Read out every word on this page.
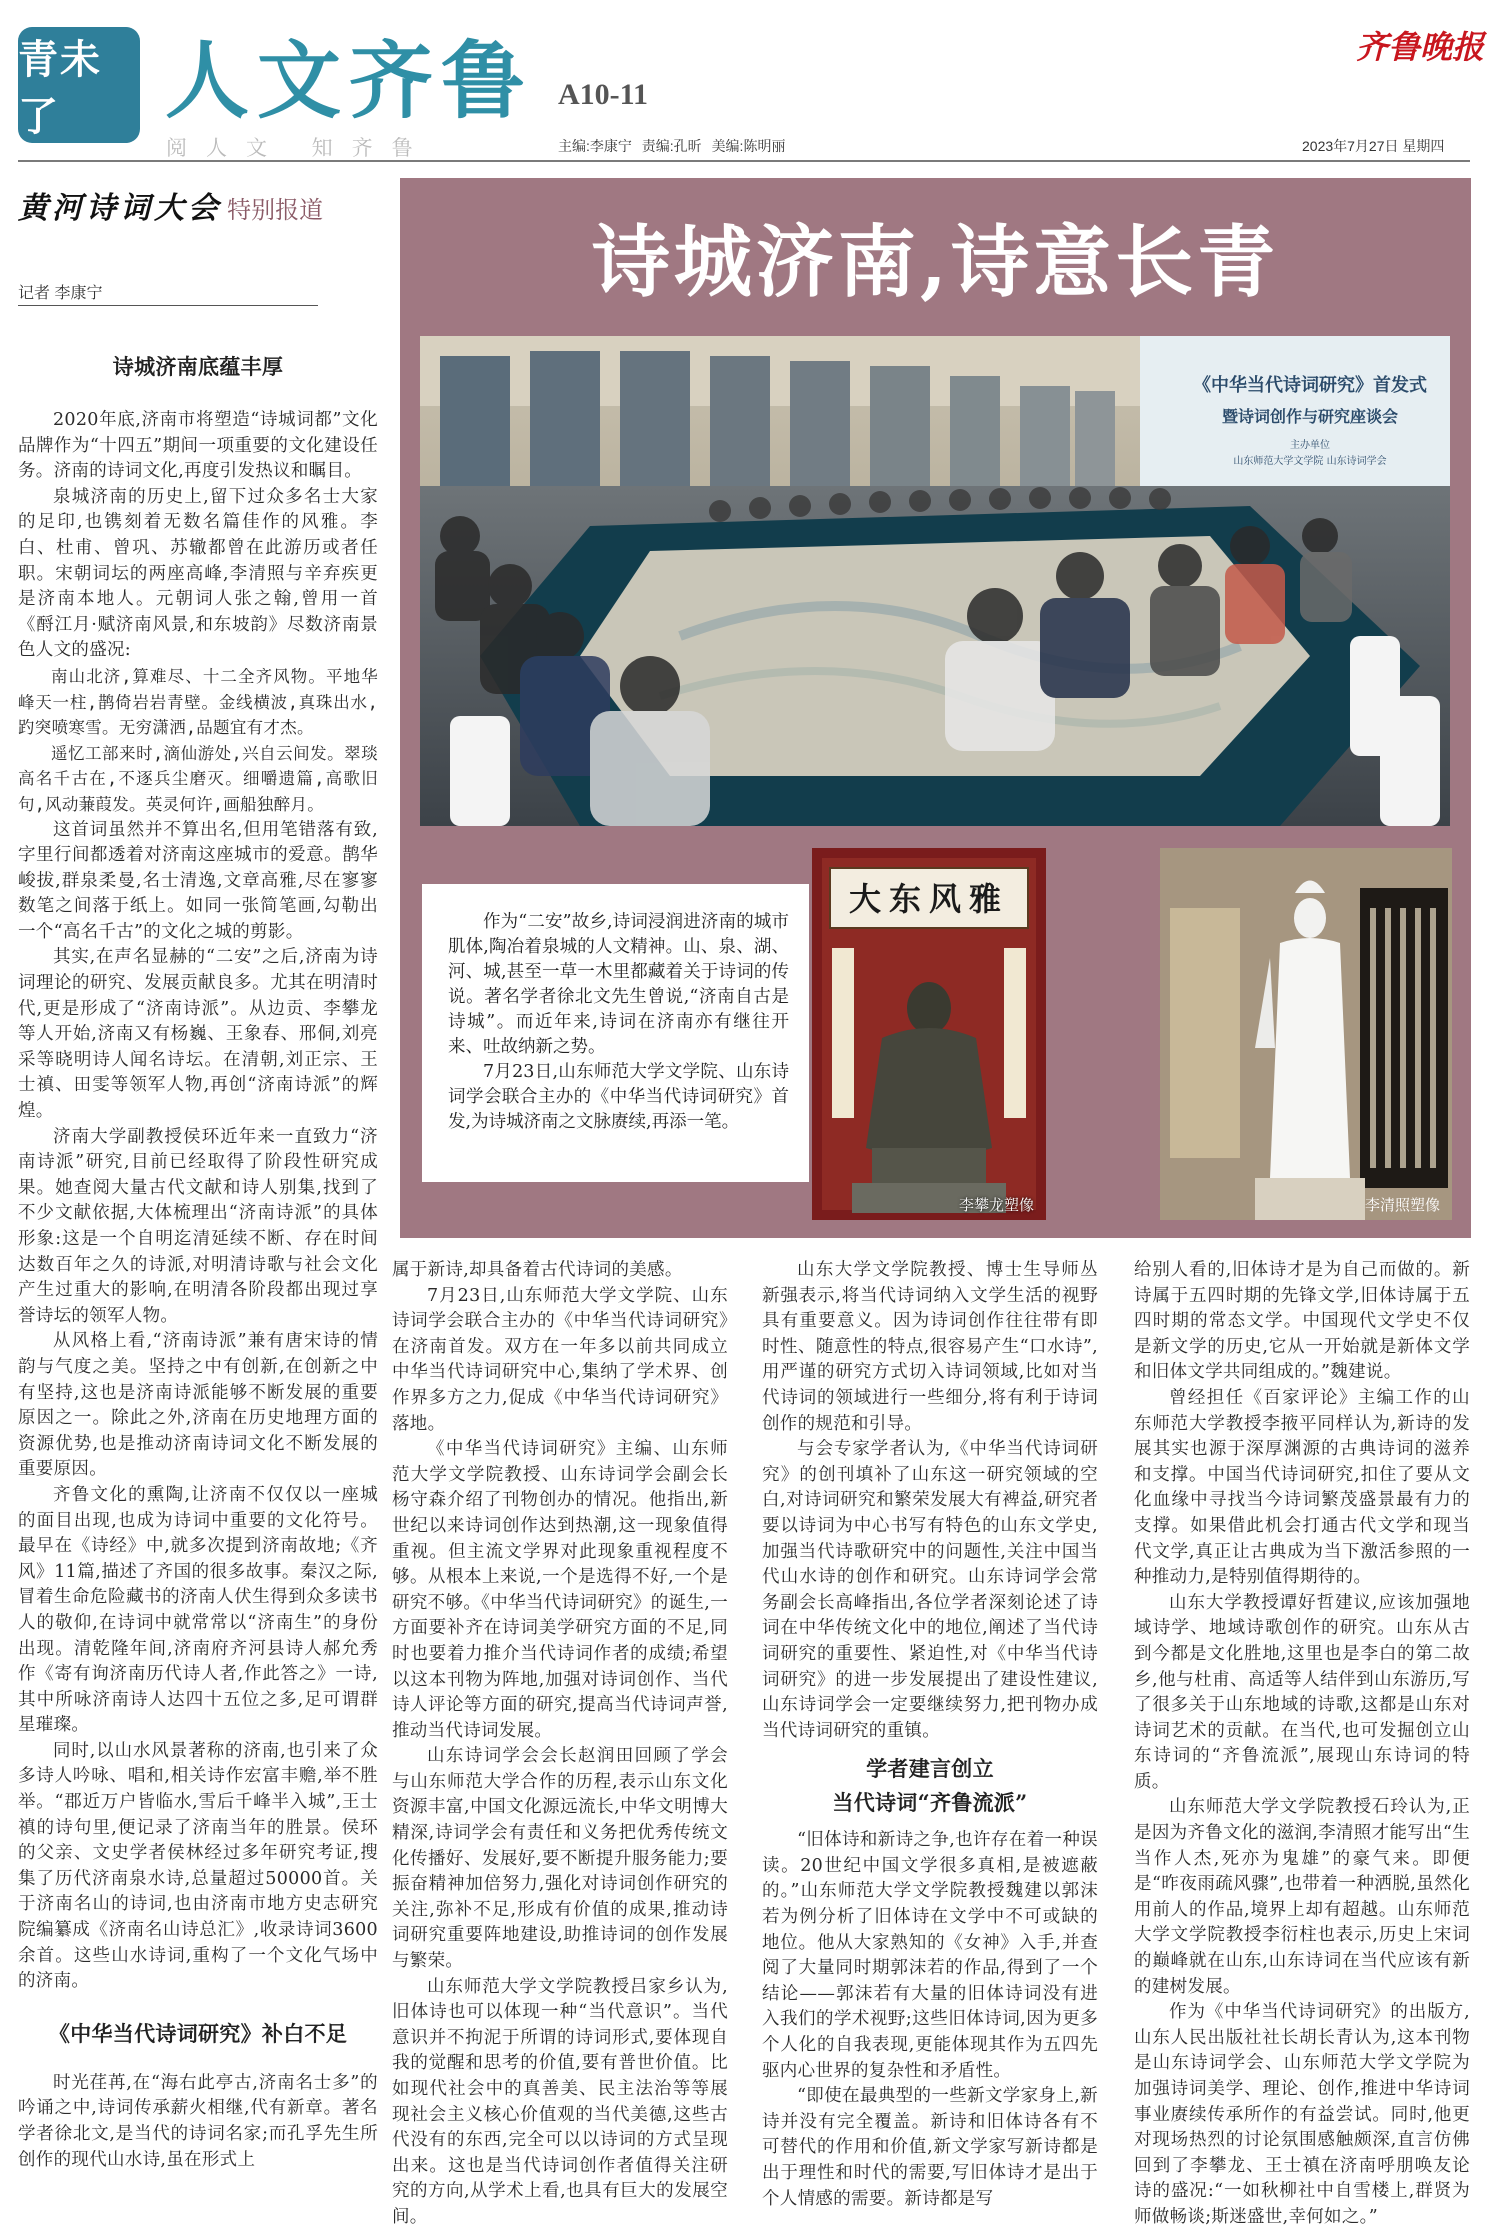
青未了	人文齐鲁 A10-11
阅人文 知齐鲁	主编:李康宁 责编:孔昕 美编:陈明丽	2023年7月27日 星期四
齐鲁晚报
黄河诗词大会 特别报道
记者 李康宁	诗城济南,诗意长青
《中华当代诗词研究》首发式
暨诗词创作与研究座谈会
主办单位
山东师范大学文学院 山东诗词学会

作为“二安”故乡,诗词浸润进济南的城市肌体,陶冶着泉城的人文精神。山、泉、湖、河、城,甚至一草一木里都藏着关于诗词的传说。著名学者徐北文先生曾说,“济南自古是诗城”。而近年来,诗词在济南亦有继往开来、吐故纳新之势。

7月23日,山东师范大学文学院、山东诗词学会联合主办的《中华当代诗词研究》首发,为诗城济南之文脉赓续,再添一笔。

大东风雅
李攀龙塑像	李清照塑像
诗城济南底蕴丰厚

2020年底,济南市将塑造“诗城词都”文化品牌作为“十四五”期间一项重要的文化建设任务。济南的诗词文化,再度引发热议和瞩目。

泉城济南的历史上,留下过众多名士大家的足印,也镌刻着无数名篇佳作的风雅。李白、杜甫、曾巩、苏辙都曾在此游历或者任职。宋朝词坛的两座高峰,李清照与辛弃疾更是济南本地人。元朝词人张之翰,曾用一首《酹江月·赋济南风景,和东坡韵》尽数济南景色人文的盛况:

南山北济,算难尽、十二全齐风物。平地华峰天一柱,鹊倚岩岩青壁。金线横波,真珠出水,趵突喷寒雪。无穷潇洒,品题宜有才杰。

遥忆工部来时,滴仙游处,兴自云间发。翠琰高名千古在,不逐兵尘磨灭。细嚼遗篇,高歌旧句,风动蒹葭发。英灵何许,画船独醉月。

这首词虽然并不算出名,但用笔错落有致,字里行间都透着对济南这座城市的爱意。鹊华峻拔,群泉柔曼,名士清逸,文章高雅,尽在寥寥数笔之间落于纸上。如同一张简笔画,勾勒出一个“高名千古”的文化之城的剪影。

其实,在声名显赫的“二安”之后,济南为诗词理论的研究、发展贡献良多。尤其在明清时代,更是形成了“济南诗派”。从边贡、李攀龙等人开始,济南又有杨巍、王象春、邢侗,刘亮采等晓明诗人闻名诗坛。在清朝,刘正宗、王士禛、田雯等领军人物,再创“济南诗派”的辉煌。

济南大学副教授侯环近年来一直致力“济南诗派”研究,目前已经取得了阶段性研究成果。她查阅大量古代文献和诗人别集,找到了不少文献依据,大体梳理出“济南诗派”的具体形象:这是一个自明迄清延续不断、存在时间达数百年之久的诗派,对明清诗歌与社会文化产生过重大的影响,在明清各阶段都出现过享誉诗坛的领军人物。

从风格上看,“济南诗派”兼有唐宋诗的情韵与气度之美。坚持之中有创新,在创新之中有坚持,这也是济南诗派能够不断发展的重要原因之一。除此之外,济南在历史地理方面的资源优势,也是推动济南诗词文化不断发展的重要原因。

齐鲁文化的熏陶,让济南不仅仅以一座城的面目出现,也成为诗词中重要的文化符号。最早在《诗经》中,就多次提到济南故地;《齐风》11篇,描述了齐国的很多故事。秦汉之际,冒着生命危险藏书的济南人伏生得到众多读书人的敬仰,在诗词中就常常以“济南生”的身份出现。清乾隆年间,济南府齐河县诗人郝允秀作《寄有询济南历代诗人者,作此答之》一诗,其中所咏济南诗人达四十五位之多,足可谓群星璀璨。

同时,以山水风景著称的济南,也引来了众多诗人吟咏、唱和,相关诗作宏富丰赡,举不胜举。“郡近万户皆临水,雪后千峰半入城”,王士禛的诗句里,便记录了济南当年的胜景。侯环的父亲、文史学者侯林经过多年研究考证,搜集了历代济南泉水诗,总量超过50000首。关于济南名山的诗词,也由济南市地方史志研究院编纂成《济南名山诗总汇》,收录诗词3600余首。这些山水诗词,重构了一个文化气场中的济南。

《中华当代诗词研究》补白不足

时光荏苒,在“海右此亭古,济南名士多”的吟诵之中,诗词传承薪火相继,代有新章。著名学者徐北文,是当代的诗词名家;而孔孚先生所创作的现代山水诗,虽在形式上

属于新诗,却具备着古代诗词的美感。

7月23日,山东师范大学文学院、山东诗词学会联合主办的《中华当代诗词研究》在济南首发。双方在一年多以前共同成立中华当代诗词研究中心,集纳了学术界、创作界多方之力,促成《中华当代诗词研究》落地。

《中华当代诗词研究》主编、山东师范大学文学院教授、山东诗词学会副会长杨守森介绍了刊物创办的情况。他指出,新世纪以来诗词创作达到热潮,这一现象值得重视。但主流文学界对此现象重视程度不够。从根本上来说,一个是选得不好,一个是研究不够。《中华当代诗词研究》的诞生,一方面要补齐在诗词美学研究方面的不足,同时也要着力推介当代诗词作者的成绩;希望以这本刊物为阵地,加强对诗词创作、当代诗人评论等方面的研究,提高当代诗词声誉,推动当代诗词发展。

山东诗词学会会长赵润田回顾了学会与山东师范大学合作的历程,表示山东文化资源丰富,中国文化源远流长,中华文明博大精深,诗词学会有责任和义务把优秀传统文化传播好、发展好,要不断提升服务能力;要振奋精神加倍努力,强化对诗词创作研究的关注,弥补不足,形成有价值的成果,推动诗词研究重要阵地建设,助推诗词的创作发展与繁荣。

山东师范大学文学院教授吕家乡认为,旧体诗也可以体现一种“当代意识”。当代意识并不拘泥于所谓的诗词形式,要体现自我的觉醒和思考的价值,要有普世价值。比如现代社会中的真善美、民主法治等等展现社会主义核心价值观的当代美德,这些古代没有的东西,完全可以以诗词的方式呈现出来。这也是当代诗词创作者值得关注研究的方向,从学术上看,也具有巨大的发展空间。

山东大学文学院教授、博士生导师丛新强表示,将当代诗词纳入文学生活的视野具有重要意义。因为诗词创作往往带有即时性、随意性的特点,很容易产生“口水诗”,用严谨的研究方式切入诗词领域,比如对当代诗词的领域进行一些细分,将有利于诗词创作的规范和引导。

与会专家学者认为,《中华当代诗词研究》的创刊填补了山东这一研究领域的空白,对诗词研究和繁荣发展大有裨益,研究者要以诗词为中心书写有特色的山东文学史,加强当代诗歌研究中的问题性,关注中国当代山水诗的创作和研究。山东诗词学会常务副会长高峰指出,各位学者深刻论述了诗词在中华传统文化中的地位,阐述了当代诗词研究的重要性、紧迫性,对《中华当代诗词研究》的进一步发展提出了建设性建议,山东诗词学会一定要继续努力,把刊物办成当代诗词研究的重镇。

学者建言创立
当代诗词“齐鲁流派”

“旧体诗和新诗之争,也许存在着一种误读。20世纪中国文学很多真相,是被遮蔽的。”山东师范大学文学院教授魏建以郭沫若为例分析了旧体诗在文学中不可或缺的地位。他从大家熟知的《女神》入手,并查阅了大量同时期郭沫若的作品,得到了一个结论——郭沫若有大量的旧体诗词没有进入我们的学术视野;这些旧体诗词,因为更多个人化的自我表现,更能体现其作为五四先驱内心世界的复杂性和矛盾性。

“即使在最典型的一些新文学家身上,新诗并没有完全覆盖。新诗和旧体诗各有不可替代的作用和价值,新文学家写新诗都是出于理性和时代的需要,写旧体诗才是出于个人情感的需要。新诗都是写

给别人看的,旧体诗才是为自己而做的。新诗属于五四时期的先锋文学,旧体诗属于五四时期的常态文学。中国现代文学史不仅是新文学的历史,它从一开始就是新体文学和旧体文学共同组成的。”魏建说。

曾经担任《百家评论》主编工作的山东师范大学教授李掖平同样认为,新诗的发展其实也源于深厚渊源的古典诗词的滋养和支撑。中国当代诗词研究,扣住了要从文化血缘中寻找当今诗词繁茂盛景最有力的支撑。如果借此机会打通古代文学和现当代文学,真正让古典成为当下激活参照的一种推动力,是特别值得期待的。

山东大学教授谭好哲建议,应该加强地域诗学、地域诗歌创作的研究。山东从古到今都是文化胜地,这里也是李白的第二故乡,他与杜甫、高适等人结伴到山东游历,写了很多关于山东地域的诗歌,这都是山东对诗词艺术的贡献。在当代,也可发掘创立山东诗词的“齐鲁流派”,展现山东诗词的特质。

山东师范大学文学院教授石玲认为,正是因为齐鲁文化的滋润,李清照才能写出“生当作人杰,死亦为鬼雄”的豪气来。即便是“昨夜雨疏风骤”,也带着一种洒脱,虽然化用前人的作品,境界上却有超越。山东师范大学文学院教授李衍柱也表示,历史上宋词的巅峰就在山东,山东诗词在当代应该有新的建树发展。

作为《中华当代诗词研究》的出版方,山东人民出版社社长胡长青认为,这本刊物是山东诗词学会、山东师范大学文学院为加强诗词美学、理论、创作,推进中华诗词事业赓续传承所作的有益尝试。同时,他更对现场热烈的讨论氛围感触颇深,直言仿佛回到了李攀龙、王士禛在济南呼朋唤友论诗的盛况:“一如秋柳社中自雪楼上,群贤为师做畅谈;斯迷盛世,幸何如之。”
